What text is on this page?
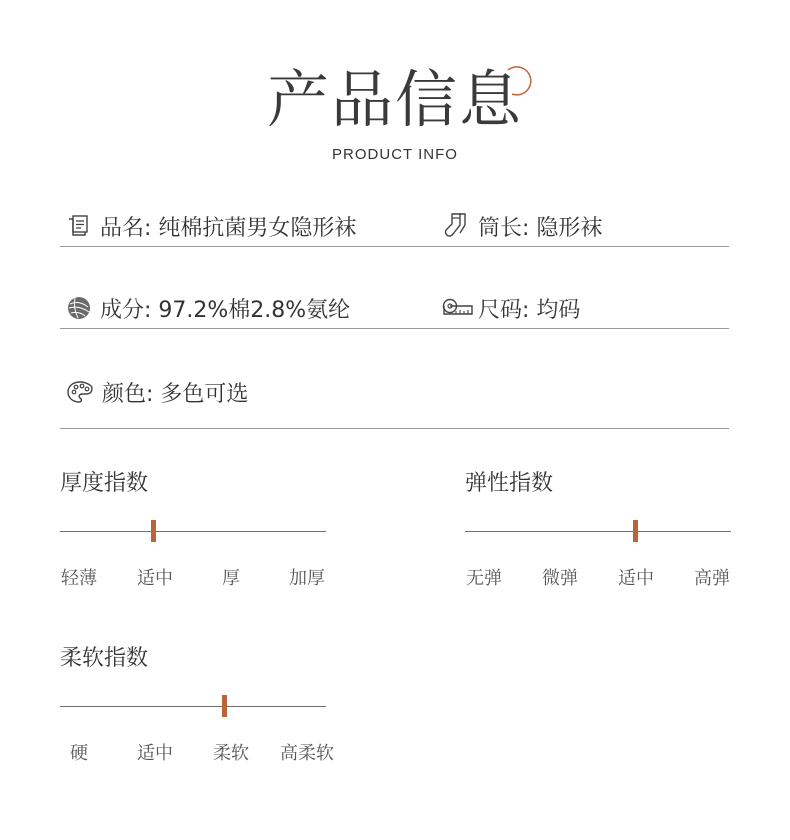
产品信息
PRODUCT INFO
品名: 纯棉抗菌男女隐形袜	筒长: 隐形袜
成分: 97.2%棉2.8%氨纶	尺码: 均码
颜色: 多色可选
厚度指数
轻薄 适中	厚	加厚
弹性指数
无弹 微弹 适中 高弹
柔软指数
硬	适中 柔软 高柔软
